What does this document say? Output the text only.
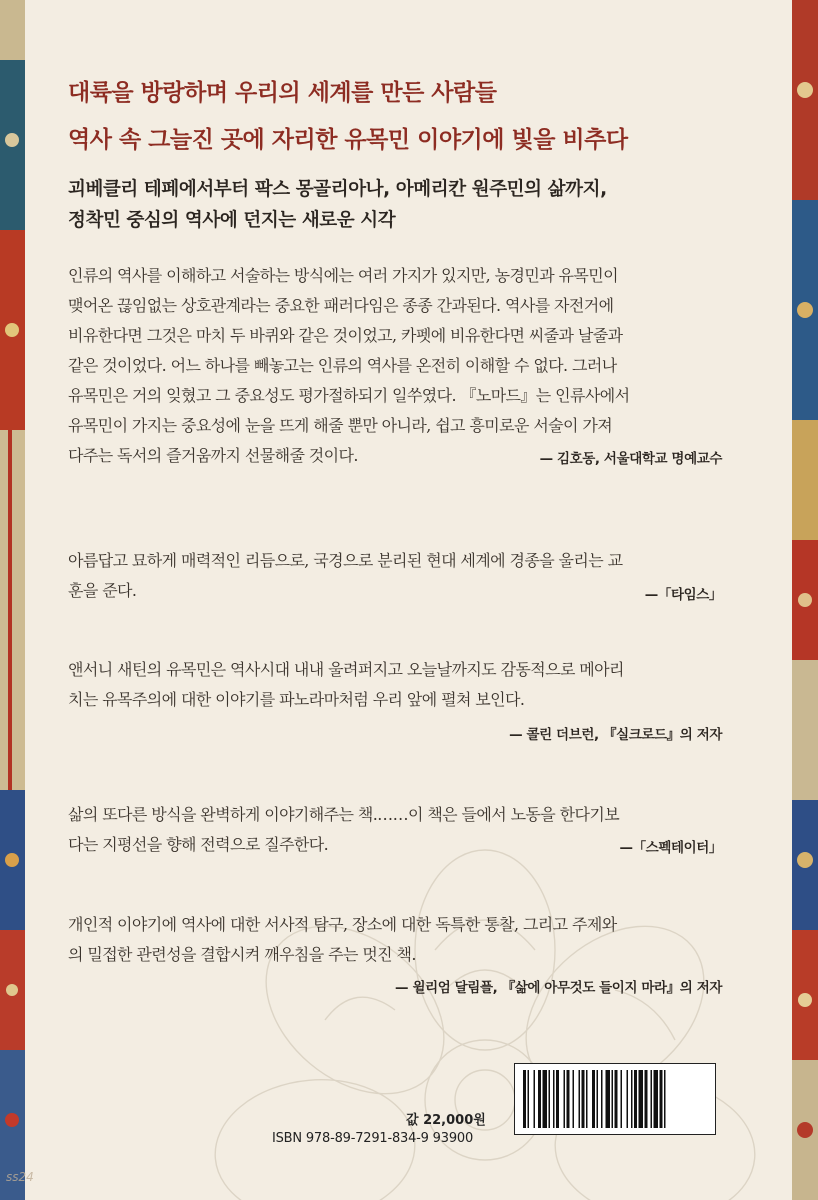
대륙을 방랑하며 우리의 세계를 만든 사람들
역사 속 그늘진 곳에 자리한 유목민 이야기에 빛을 비추다
괴베클리 테페에서부터 팍스 몽골리아나, 아메리칸 원주민의 삶까지,
정착민 중심의 역사에 던지는 새로운 시각
인류의 역사를 이해하고 서술하는 방식에는 여러 가지가 있지만, 농경민과 유목민이
맺어온 끊임없는 상호관계라는 중요한 패러다임은 종종 간과된다. 역사를 자전거에
비유한다면 그것은 마치 두 바퀴와 같은 것이었고, 카펫에 비유한다면 씨줄과 날줄과
같은 것이었다. 어느 하나를 빼놓고는 인류의 역사를 온전히 이해할 수 없다. 그러나
유목민은 거의 잊혔고 그 중요성도 평가절하되기 일쑤였다. 『노마드』는 인류사에서
유목민이 가지는 중요성에 눈을 뜨게 해줄 뿐만 아니라, 쉽고 흥미로운 서술이 가져
다주는 독서의 즐거움까지 선물해줄 것이다.	— 김호동, 서울대학교 명예교수
아름답고 묘하게 매력적인 리듬으로, 국경으로 분리된 현대 세계에 경종을 울리는 교
훈을 준다.	—「타임스」
앤서니 새틴의 유목민은 역사시대 내내 울려퍼지고 오늘날까지도 감동적으로 메아리
치는 유목주의에 대한 이야기를 파노라마처럼 우리 앞에 펼쳐 보인다.
— 콜린 더브런, 『실크로드』의 저자
삶의 또다른 방식을 완벽하게 이야기해주는 책.……이 책은 들에서 노동을 한다기보
다는 지평선을 향해 전력으로 질주한다.	—「스펙테이터」
개인적 이야기에 역사에 대한 서사적 탐구, 장소에 대한 독특한 통찰, 그리고 주제와
의 밀접한 관련성을 결합시켜 깨우침을 주는 멋진 책.
— 윌리엄 달림플, 『삶에 아무것도 들이지 마라』의 저자
값 22,000원
ISBN 978-89-7291-834-9 93900
ss24
